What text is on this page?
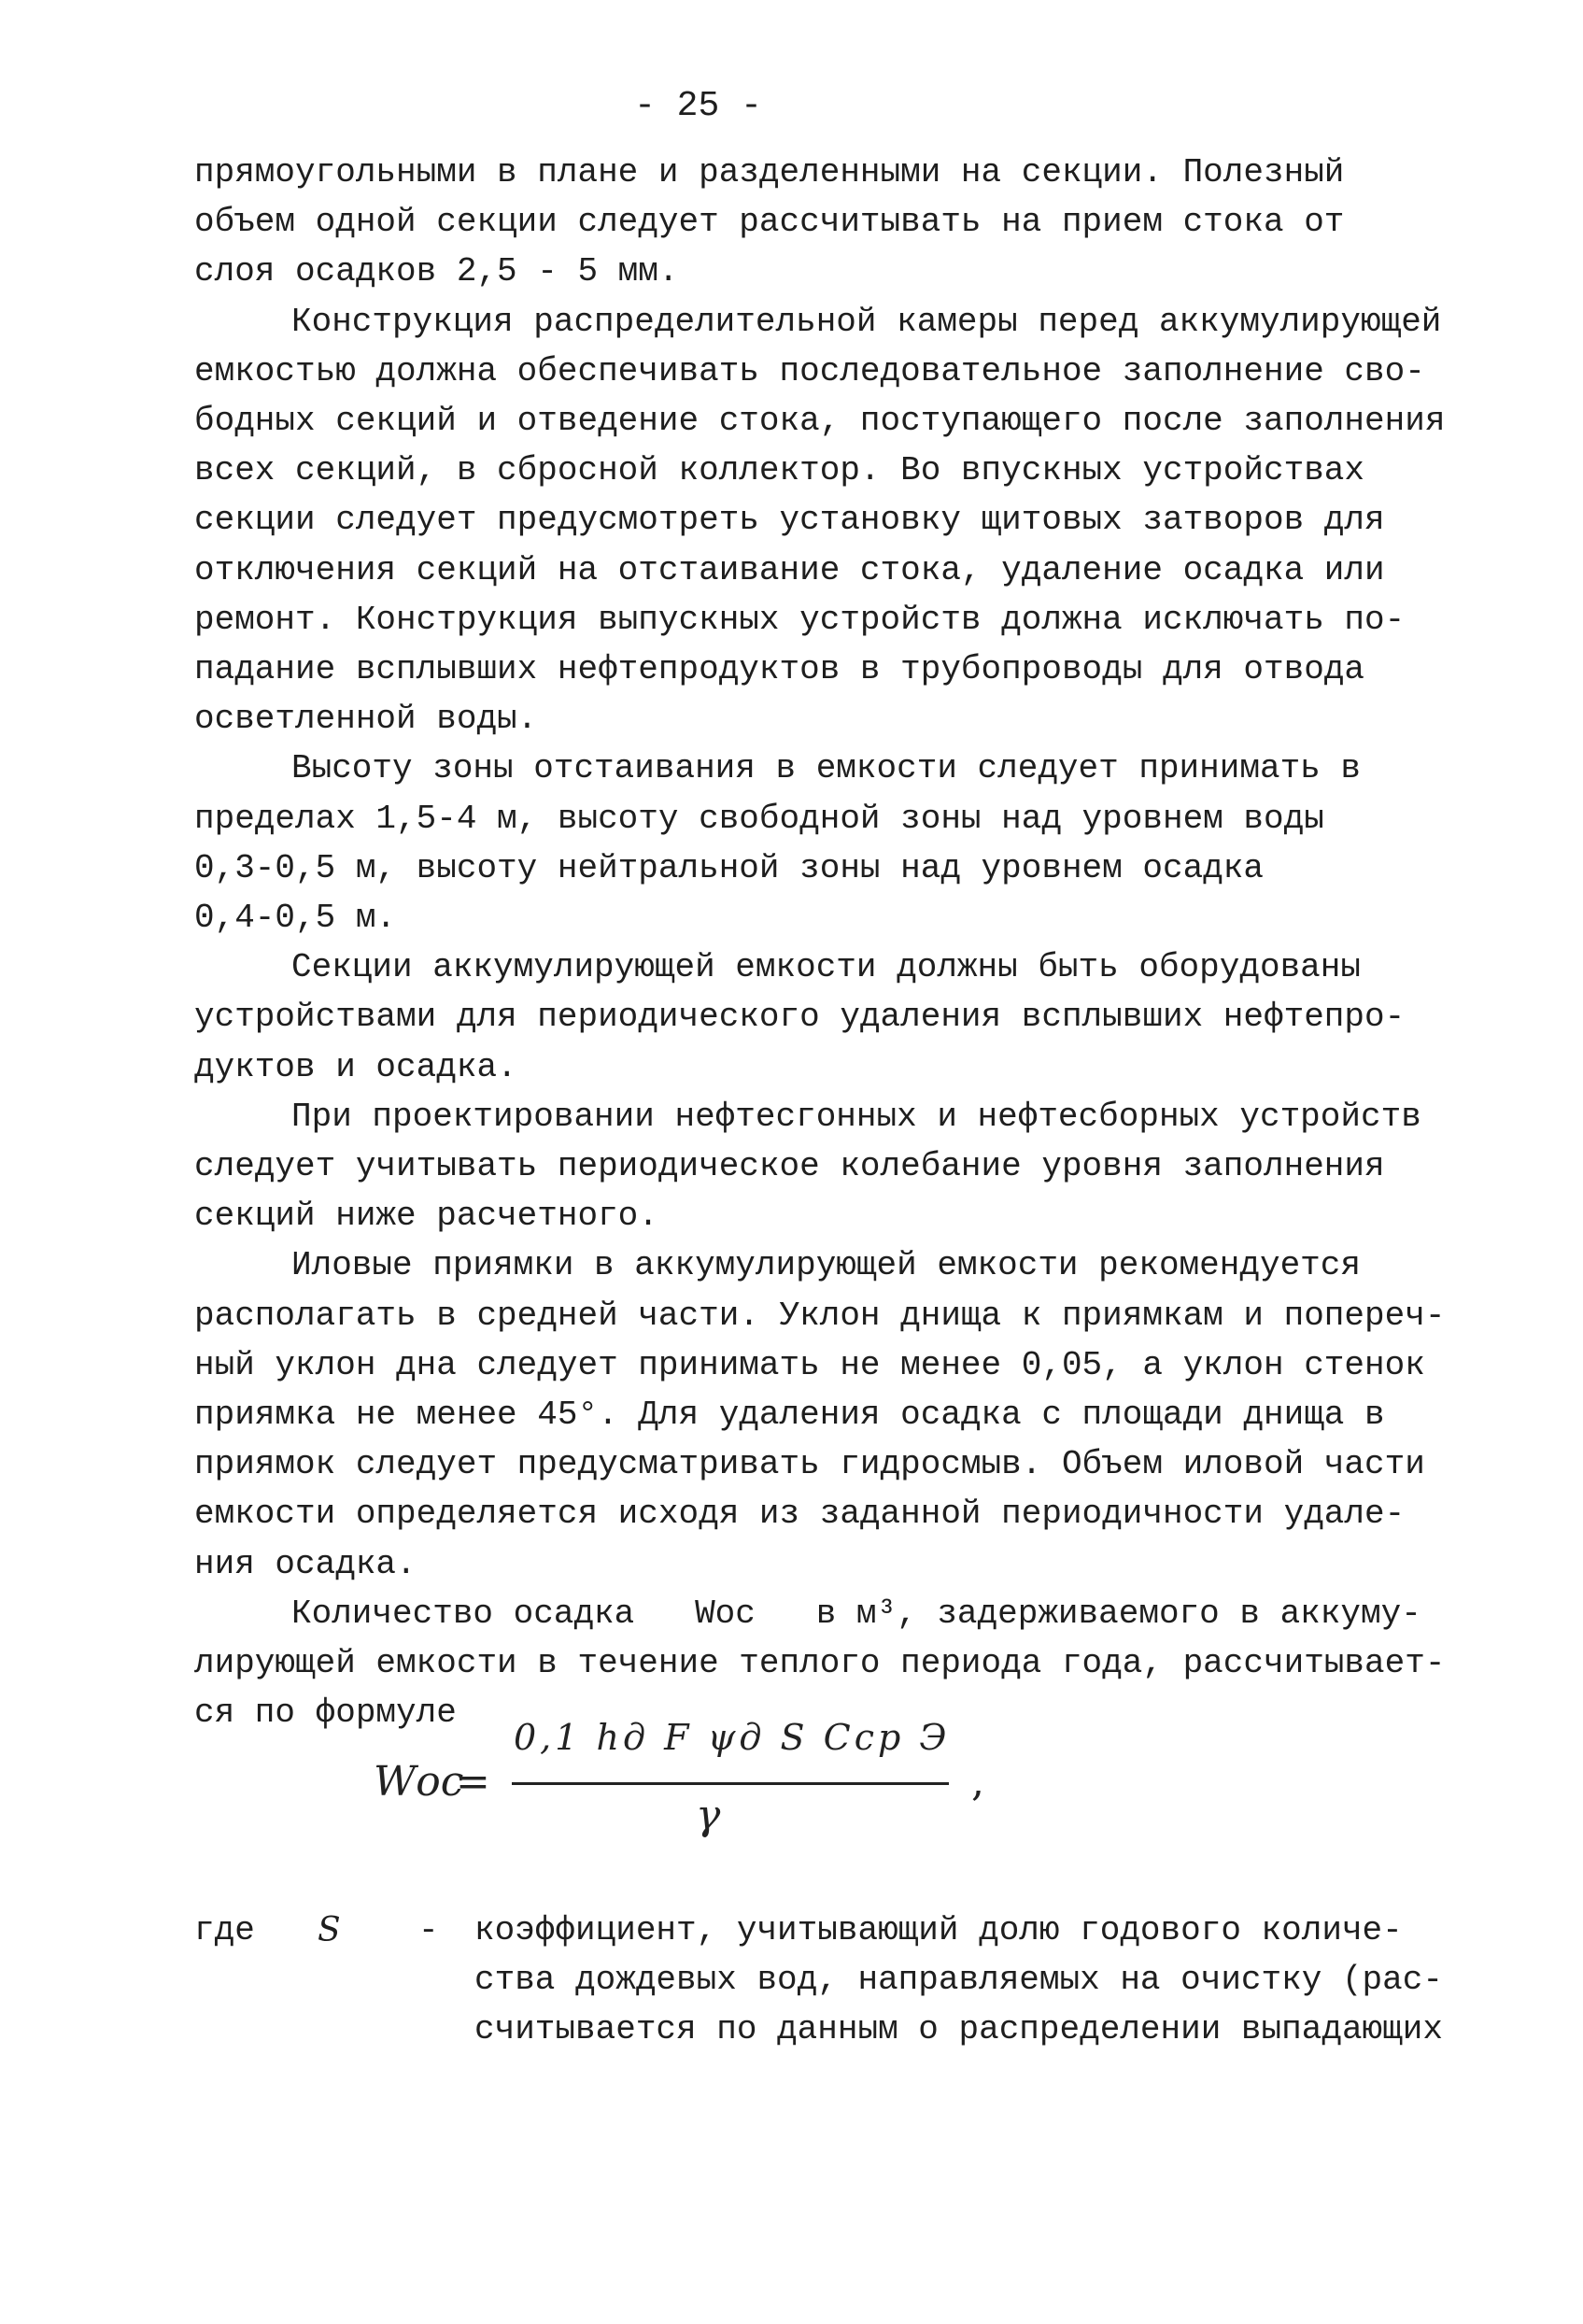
- 25 -
прямоугольными в плане и разделенными на секции. Полезный
объем одной секции следует рассчитывать на прием стока от
слоя осадков 2,5 - 5 мм.
Конструкция распределительной камеры перед аккумулирующей
емкостью должна обеспечивать последовательное заполнение сво-
бодных секций и отведение стока, поступающего после заполнения
всех секций, в сбросной коллектор. Во впускных устройствах
секции следует предусмотреть установку щитовых затворов для
отключения секций на отстаивание стока, удаление осадка или
ремонт. Конструкция выпускных устройств должна исключать по-
падание всплывших нефтепродуктов в трубопроводы для отвода
осветленной воды.
Высоту зоны отстаивания в емкости следует принимать в
пределах 1,5-4 м, высоту свободной зоны над уровнем воды
0,3-0,5 м, высоту нейтральной зоны над уровнем осадка
0,4-0,5 м.
Секции аккумулирующей емкости должны быть оборудованы
устройствами для периодического удаления всплывших нефтепро-
дуктов и осадка.
При проектировании нефтесгонных и нефтесборных устройств
следует учитывать периодическое колебание уровня заполнения
секций ниже расчетного.
Иловые приямки в аккумулирующей емкости рекомендуется
располагать в средней части. Уклон днища к приямкам и попереч-
ный уклон дна следует принимать не менее 0,05, а уклон стенок
приямка не менее 45°. Для удаления осадка с площади днища в
приямок следует предусматривать гидросмыв. Объем иловой части
емкости определяется исходя из заданной периодичности удале-
ния осадка.
Количество осадка   Wос   в м³, задерживаемого в аккуму-
лирующей емкости в течение теплого периода года, рассчитывает-
ся по формуле
Wос
=
0,1 hд F ψд S Cср Э
γ
,
где S - коэффициент, учитывающий долю годового количе-
ства дождевых вод, направляемых на очистку (рас-
считывается по данным о распределении выпадающих
